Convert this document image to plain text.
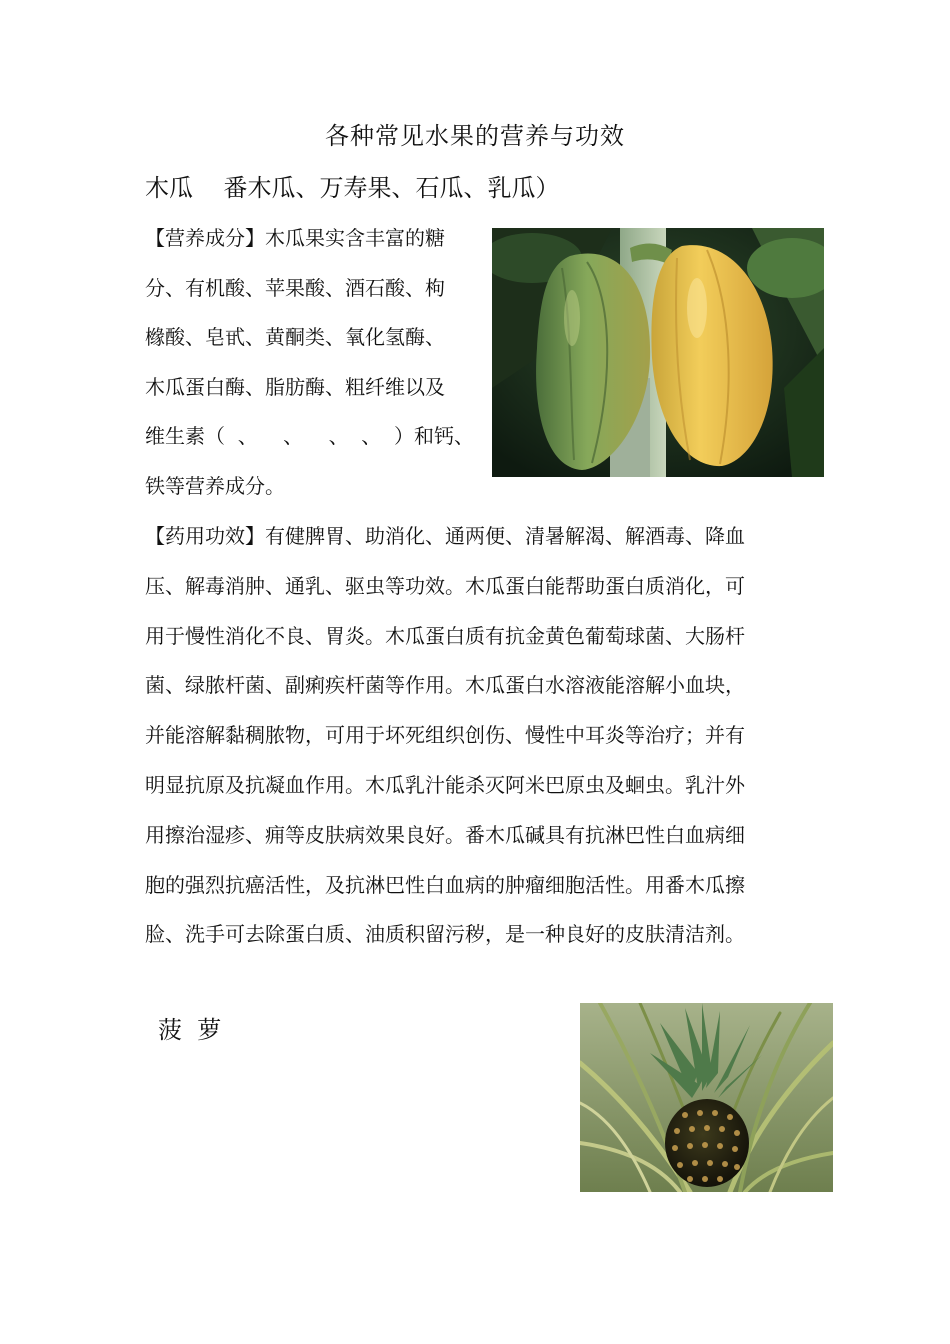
各种常见水果的营养与功效
木瓜    番木瓜、万寿果、石瓜、乳瓜）
【营养成分】木瓜果实含丰富的糖
分、有机酸、苹果酸、酒石酸、枸
橼酸、皂甙、黄酮类、氧化氢酶、
木瓜蛋白酶、脂肪酶、粗纤维以及
维生素（  、    、    、  、  ）和钙、
铁等营养成分。
【药用功效】有健脾胃、助消化、通两便、清暑解渴、解酒毒、降血
压、解毒消肿、通乳、驱虫等功效。木瓜蛋白能帮助蛋白质消化，可
用于慢性消化不良、胃炎。木瓜蛋白质有抗金黄色葡萄球菌、大肠杆
菌、绿脓杆菌、副痢疾杆菌等作用。木瓜蛋白水溶液能溶解小血块，
并能溶解黏稠脓物，可用于坏死组织创伤、慢性中耳炎等治疗；并有
明显抗原及抗凝血作用。木瓜乳汁能杀灭阿米巴原虫及蛔虫。乳汁外
用擦治湿疹、痈等皮肤病效果良好。番木瓜碱具有抗淋巴性白血病细
胞的强烈抗癌活性，及抗淋巴性白血病的肿瘤细胞活性。用番木瓜擦
脸、洗手可去除蛋白质、油质积留污秽，是一种良好的皮肤清洁剂。
菠  萝
